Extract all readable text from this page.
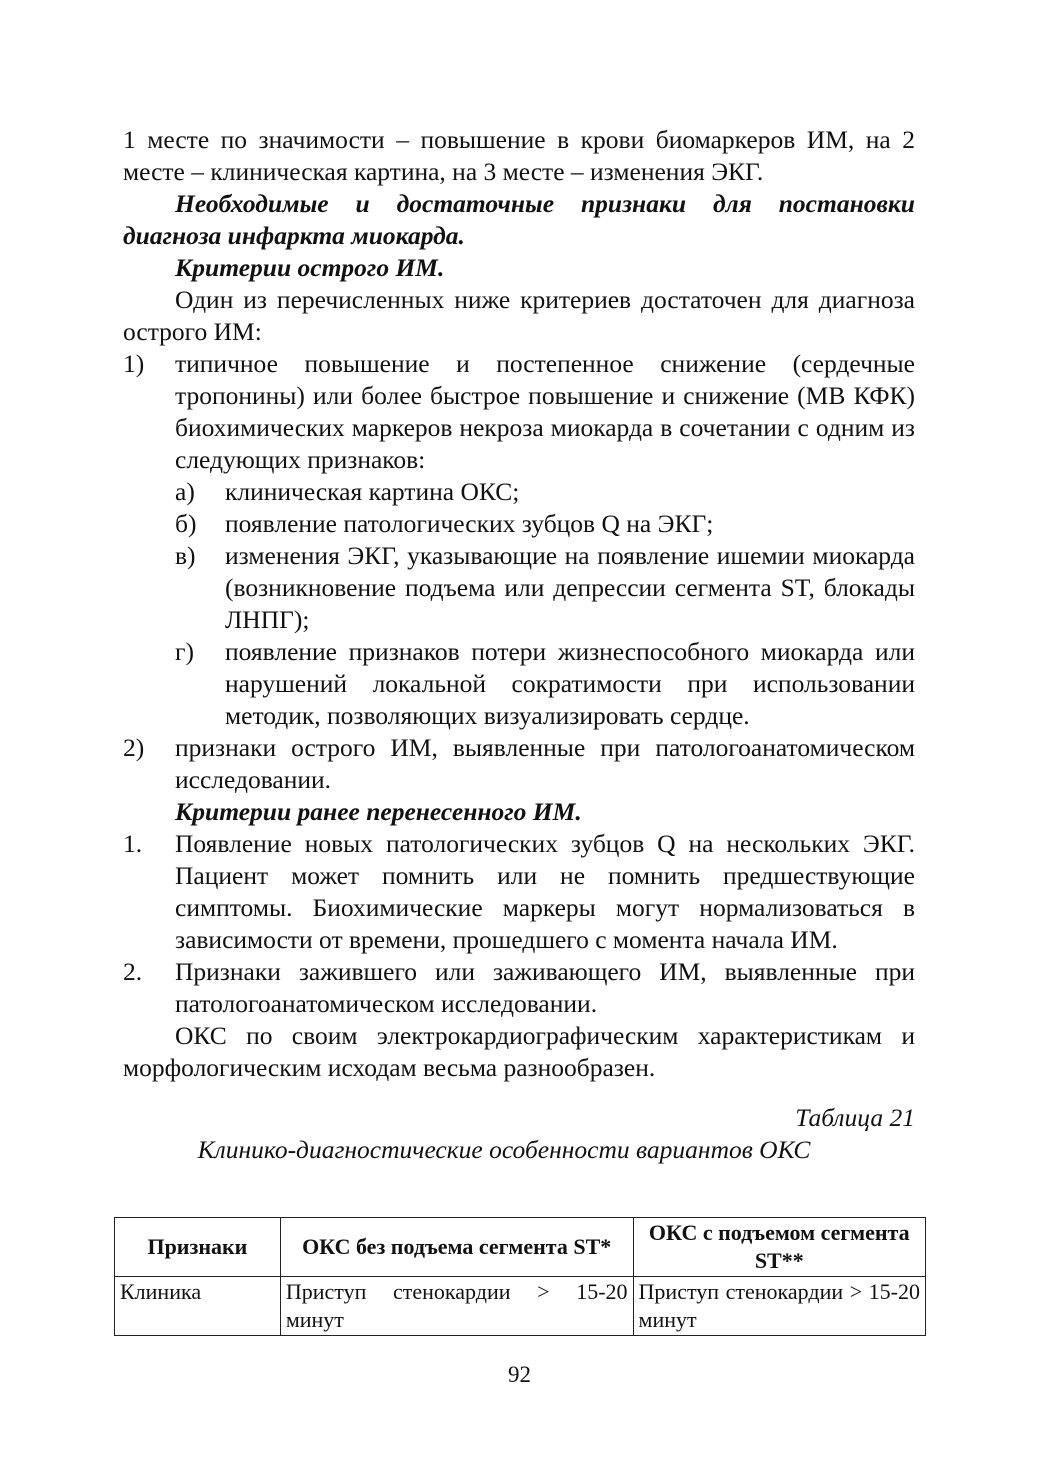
1 месте по значимости – повышение в крови биомаркеров ИМ, на 2 месте – клиническая картина, на 3 месте – изменения ЭКГ.

Необходимые и достаточные признаки для постановки диагноза инфаркта миокарда.

Критерии острого ИМ.

Один из перечисленных ниже критериев достаточен для диагноза острого ИМ:

1) типичное повышение и постепенное снижение (сердечные тропонины) или более быстрое повышение и снижение (МВ КФК) биохимических маркеров некроза миокарда в сочетании с одним из следующих признаков:
а) клиническая картина ОКС;
б) появление патологических зубцов Q на ЭКГ;
в) изменения ЭКГ, указывающие на появление ишемии миокарда (возникновение подъема или депрессии сегмента ST, блокады ЛНПГ);
г) появление признаков потери жизнеспособного миокарда или нарушений локальной сократимости при использовании методик, позволяющих визуализировать сердце.
2) признаки острого ИМ, выявленные при патологоанатомическом исследовании.

Критерии ранее перенесенного ИМ.

1. Появление новых патологических зубцов Q на нескольких ЭКГ. Пациент может помнить или не помнить предшествующие симптомы. Биохимические маркеры могут нормализоваться в зависимости от времени, прошедшего с момента начала ИМ.
2. Признаки зажившего или заживающего ИМ, выявленные при патологоанатомическом исследовании.

ОКС по своим электрокардиографическим характеристикам и морфологическим исходам весьма разнообразен.

Таблица 21

Клинико-диагностические особенности вариантов ОКС

Признаки	ОКС без подъема сегмента ST*	ОКС с подъемом сегмента ST**
Клиника	Приступ стенокардии > 15-20 минут	Приступ стенокардии > 15-20 минут
92
